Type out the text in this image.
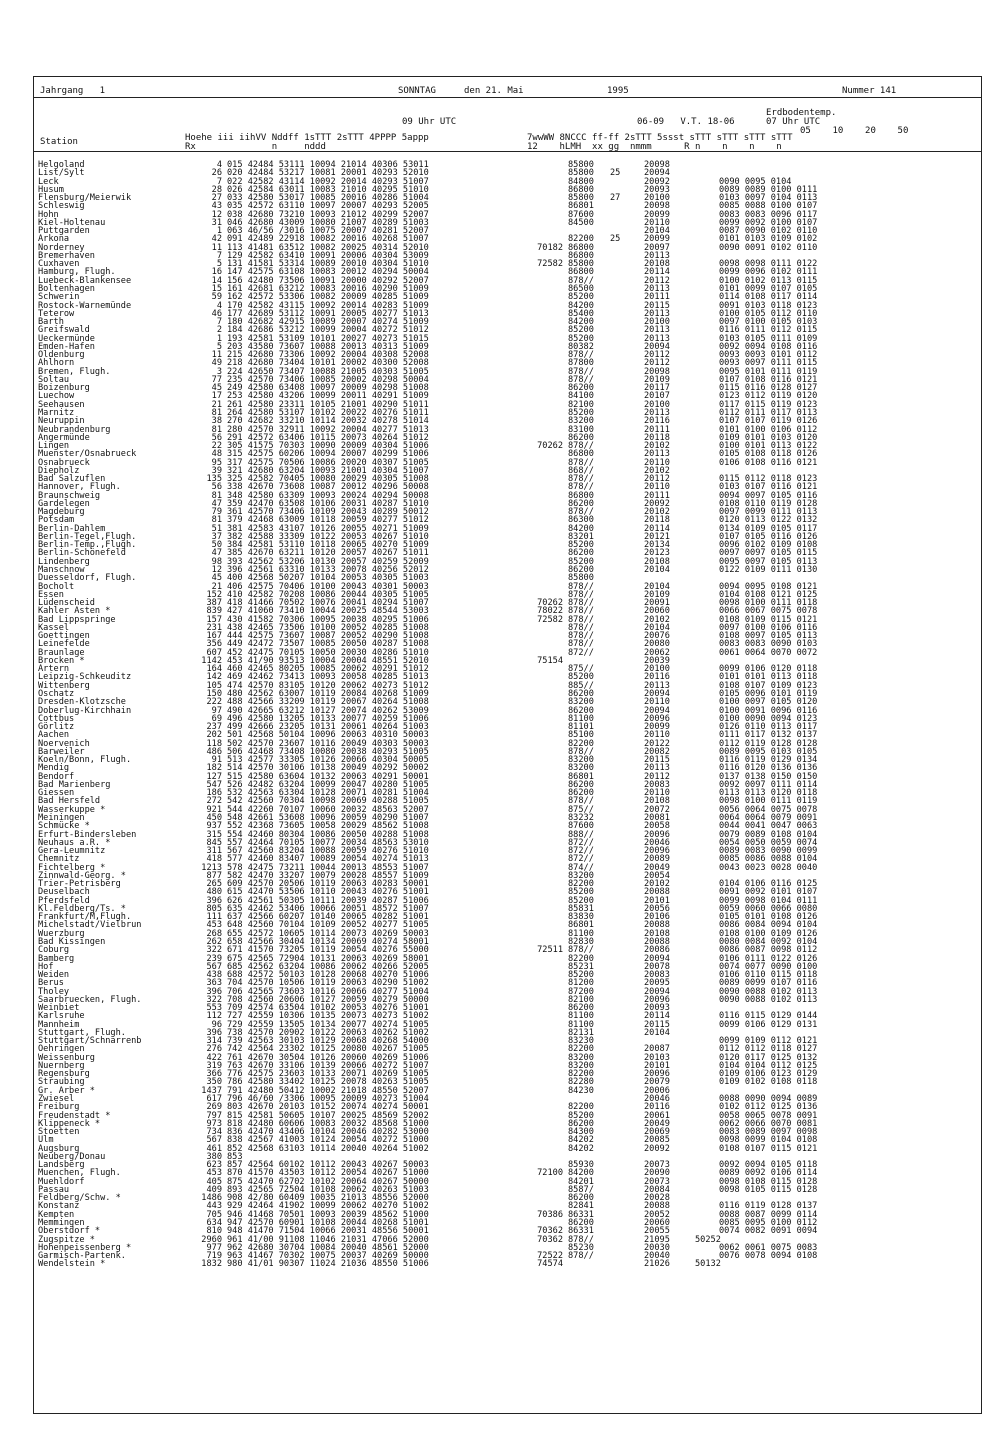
Jahrgang   1	SONNTAG	den 21. Mai	1995	Nummer 141
Erdbodentemp.
09 Uhr UTC	06-09   V.T. 18-06	07 Uhr UTC
05    10    20    50
Station	Hoehe iii iihVV Nddff 1sTTT 2sTTT 4PPPP 5appp
Rx              n     nddd
7wwWW 8NCCC ff-ff 2sTTT 5ssst sTTT sTTT sTTT sTTT
12    hLMH  xx gg  nmmm      R n    n    n    n
Helgoland	4 015 42484 53111 10094 21014 40306 53011	85800	20098
List/Sylt	26 020 42484 53217 10081 20001 40293 52010	85800 25	20094
Leck	7 022 42582 43114 10092 20014 40293 51007	84800	20092	0090 0095 0104
Husum	28 026 42584 63011 10083 21010 40295 51010	86800	20093	0089 0089 0100 0111
Flensburg/Meierwik	27 033 42580 53017 10085 20016 40286 51004	85800 27	20100	0103 0097 0104 0113
Schleswig	43 035 42572 63110 10097 20007 40293 52005	86801	20098	0085 0088 0100 0107
Hohn	12 038 42680 73210 10093 21012 40299 52007	87600	20099	0083 0083 0096 0117
Kiel-Holtenau	31 046 42680 43009 10080 21007 40289 51003	84500	20110	0099 0092 0100 0107
Puttgarden	1 063 46/56 /3016 10075 20007 40281 52007	20104	0087 0090 0102 0110
Arkona	42 091 42489 22918 10082 20016 40268 51007	82200 25	20099	0101 0103 0109 0102
Norderney	11 113 41481 63512 10082 20025 40314 52010	70182 86800	20097	0090 0091 0102 0110
Bremerhaven	7 129 42582 63410 10091 20006 40304 53009	86800	20113
Cuxhaven	5 131 41581 53314 10089 20010 40304 51010	72582 85800	20108	0098 0098 0111 0122
Hamburg, Flugh.	16 147 42575 63108 10083 20012 40294 50004	86800	20114	0099 0096 0102 0111
Luebeck-Blankensee	14 156 42480 73506 10091 20000 40292 52007	878//	20112	0100 0102 0113 0115
Boltenhagen	15 161 42681 63212 10083 20016 40290 51009	86500	20113	0101 0099 0107 0105
Schwerin	59 162 42572 53306 10082 20009 40285 51009	85200	20111	0114 0108 0117 0114
Rostock-Warnemünde	4 170 42582 43115 10092 20014 40283 51009	84200	20115	0091 0103 0118 0123
Teterow	46 177 42689 53112 10091 20005 40277 51013	85400	20113	0100 0105 0112 0110
Barth	7 180 42682 42915 10089 20007 40274 51009	84200	20100	0097 0100 0105 0103
Greifswald	2 184 42686 53212 10099 20004 40272 51012	85200	20113	0116 0111 0112 0115
Ueckermünde	1 193 42581 53109 10101 20027 40273 51015	85200	20113	0103 0105 0111 0109
Emden-Hafen	5 203 43580 73607 10088 20013 40313 51009	80382	20094	0092 0094 0108 0116
Oldenburg	11 215 42680 73306 10092 20004 40308 52008	878//	20112	0093 0093 0101 0112
Ahlhorn	49 218 42680 73404 10101 20002 40300 52008	87800	20112	0093 0097 0111 0115
Bremen, Flugh.	3 224 42650 73407 10088 21005 40303 51005	878//	20098	0095 0101 0111 0119
Soltau	77 235 42570 73406 10085 20002 40298 50004	878//	20109	0107 0108 0116 0121
Boizenburg	45 249 42580 63408 10097 20009 40298 51008	86200	20117	0115 0116 0128 0127
Luechow	17 253 42580 43206 10099 20011 40291 51009	84100	20107	0123 0112 0119 0120
Seehausen	21 261 42580 23311 10105 21001 40290 51011	82100	20100	0117 0115 0119 0123
Marnitz	81 264 42580 53107 10102 20022 40276 51011	85200	20113	0112 0111 0117 0113
Neuruppin	38 270 42682 33210 10114 20032 40278 51014	83200	20116	0107 0107 0119 0126
Neubrandenburg	81 280 42570 32911 10092 20004 40277 51013	83100	20111	0101 0100 0106 0112
Angermünde	56 291 42572 63406 10115 20073 40264 51012	86200	20118	0109 0101 0103 0120
Lingen	22 305 41575 70303 10090 20009 40304 51006	70262 878//	20102	0100 0101 0113 0122
Muenster/Osnabrueck	48 315 42575 60206 10094 20007 40299 51006	86800	20113	0105 0108 0118 0126
Osnabrueck	95 317 42575 70506 10086 20020 40307 51005	878//	20110	0106 0108 0116 0121
Diepholz	39 321 42680 63204 10093 21001 40304 51007	868//	20102
Bad Salzuflen	135 325 42582 70405 10080 20029 40305 51008	878//	20112	0115 0112 0118 0123
Hannover, Flugh.	56 338 42670 73608 10087 20012 40296 50008	878//	20110	0103 0107 0116 0121
Braunschweig	81 348 42580 63309 10093 20024 40294 50008	86800	20111	0094 0097 0105 0116
Gardelegen	47 359 42470 63508 10106 20031 40287 51010	86200	20092	0108 0110 0119 0128
Magdeburg	79 361 42570 73406 10109 20043 40289 50012	878//	20102	0097 0099 0111 0113
Potsdam	81 379 42468 63009 10118 20059 40277 51012	86300	20118	0120 0113 0122 0132
Berlin-Dahlem	51 381 42583 43107 10126 20055 40271 51009	84200	20114	0134 0109 0105 0117
Berlin-Tegel,Flugh.	37 382 42588 33309 10122 20053 40267 51010	83201	20121	0107 0105 0116 0126
Berlin-Temp.,Flugh.	50 384 42581 53110 10118 20065 40270 51009	85200	20134	0096 0102 0109 0108
Berlin-Schönefeld	47 385 42670 63211 10120 20057 40267 51011	86200	20123	0097 0097 0105 0115
Lindenberg	98 393 42562 53206 10130 20057 40259 52009	85200	20108	0095 0097 0105 0113
Manschnow	12 396 42561 63310 10133 20078 40256 52012	86200	20104	0122 0109 0111 0130
Duesseldorf, Flugh.	45 400 42568 50207 10104 20053 40305 51003	85800
Bocholt	21 406 42575 70406 10100 20043 40301 50003	878//	20104	0094 0095 0108 0121
Essen	152 410 42582 70208 10086 20044 40305 51005	878//	20109	0104 0108 0121 0125
Lüdenscheid	387 418 41466 70502 10076 20041 40294 51007	70262 878//	20091	0098 0100 0111 0118
Kahler Asten *	839 427 41060 73410 10044 20025 48544 53003	78022 878//	20060	0066 0067 0075 0078
Bad Lippspringe	157 430 41582 70306 10095 20038 40295 51006	72582 878//	20102	0108 0109 0115 0121
Kassel	231 438 42465 73506 10100 20052 40285 51008	878//	20104	0097 0100 0106 0116
Goettingen	167 444 42575 73607 10087 20052 40290 51008	878//	20076	0108 0097 0105 0113
Leinefelde	356 449 42472 73507 10085 20050 40287 51008	878//	20080	0083 0083 0090 0103
Braunlage	607 452 42475 70105 10050 20030 40286 51010	872//	20062	0061 0064 0070 0072
Brocken *	1142 453 41/90 93513 10004 20004 48551 52010	75154	20039
Artern	164 460 42465 80205 10085 20062 40291 51012	875//	20100	0099 0106 0120 0118
Leipzig-Schkeuditz	142 469 42462 73413 10093 20058 40285 51013	85200	20116	0101 0101 0113 0118
Wittenberg	105 474 42570 83105 10120 20062 40273 51012	885//	20113	0108 0107 0109 0123
Oschatz	150 480 42562 63007 10119 20084 40268 51009	86200	20094	0105 0096 0101 0119
Dresden-Klotzsche	222 488 42566 33209 10119 20067 40264 51008	83200	20110	0100 0097 0105 0120
Doberlug-Kirchhain	97 490 42665 63212 10127 20074 40262 53009	86200	20094	0100 0091 0096 0116
Cottbus	69 496 42580 13205 10133 20077 40259 51006	81100	20096	0100 0090 0094 0123
Görlitz	237 499 42666 23205 10131 20061 40264 51003	81101	20099	0126 0110 0113 0117
Aachen	202 501 42568 50104 10096 20063 40310 50003	85100	20110	0111 0117 0132 0137
Noervenich	118 502 42570 23607 10116 20049 40303 50003	82200	20122	0112 0119 0128 0128
Barweiler	486 506 42468 73408 10080 20038 40293 51005	878//	20082	0089 0095 0103 0105
Koeln/Bonn, Flugh.	91 513 42577 33305 10126 20066 40304 50005	83200	20115	0116 0119 0129 0134
Mendig	182 514 42570 30106 10138 20049 40292 50002	83200	20113	0116 0120 0136 0136
Bendorf	127 515 42580 63604 10132 20063 40291 50001	86801	20112	0137 0138 0150 0150
Bad Marienberg	547 526 42482 63204 10099 20047 40280 51005	86200	20083	0092 0097 0111 0114
Giessen	186 532 42563 63304 10128 20071 40281 51004	86200	20110	0113 0113 0120 0118
Bad Hersfeld	272 542 42560 70304 10098 20069 40288 51005	878//	20108	0098 0100 0111 0119
Wasserkuppe *	921 544 42260 70107 10060 20032 48563 52007	875//	20072	0056 0064 0075 0078
Meiningen	450 548 42661 53608 10096 20059 40290 51007	83232	20081	0064 0064 0079 0091
Schmücke *	937 552 42368 73605 10058 20029 48562 51008	87600	20058	0044 0041 0047 0063
Erfurt-Bindersleben	315 554 42460 80304 10086 20050 40288 51008	888//	20096	0079 0089 0108 0104
Neuhaus a.R. *	845 557 42464 70105 10077 20034 48563 53010	872//	20046	0054 0050 0059 0074
Gera-Leumnitz	311 567 42560 83204 10088 20059 40276 51010	872//	20096	0089 0083 0090 0099
Chemnitz	418 577 42460 83407 10089 20054 40274 51013	872//	20089	0085 0086 0088 0104
Fichtelberg *	1213 578 42475 73211 10044 20013 48553 51007	874//	20049	0043 0023 0028 0040
Zinnwald-Georg. *	877 582 42470 33207 10079 20028 48557 51009	83200	20054
Trier-Petrisberg	265 609 42570 20506 10119 20063 40283 50001	82200	20102	0104 0106 0116 0125
Deuselbach	480 615 42470 53506 10110 20043 40276 51001	85200	20088	0091 0092 0101 0107
Pferdsfeld	396 626 42561 50305 10111 20039 40287 51006	85200	20101	0099 0098 0104 0111
Kl.Feldberg/Ts. *	805 635 42462 53406 10066 20051 48572 51007	85831	20056	0059 0060 0066 0080
Frankfurt/M,Flugh.	111 637 42566 60207 10140 20065 40282 51001	83830	20106	0105 0101 0108 0126
Michelstadt/Vielbrun	453 648 42560 70104 10109 20052 40277 51005	86801	20088	0086 0084 0094 0104
Wuerzburg	268 655 42572 10605 10114 20073 40269 50003	81100	20108	0108 0100 0109 0126
Bad Kissingen	262 658 42566 30404 10134 20069 40274 58001	82830	20088	0080 0084 0092 0104
Coburg	322 671 41570 73205 10119 20054 40276 55000	72511 878//	20086	0086 0087 0098 0112
Bamberg	239 675 42565 72904 10131 20063 40269 58001	82200	20094	0106 0111 0122 0126
Hof	567 685 42562 63204 10086 20062 40266 52005	85231	20078	0074 0077 0090 0100
Weiden	438 688 42572 50103 10128 20068 40270 51006	85200	20083	0106 0110 0115 0118
Berus	363 704 42570 10506 10119 20063 40290 51002	81200	20095	0089 0099 0107 0116
Tholey	396 706 42565 73603 10116 20066 40277 51004	87200	20094	0090 0088 0102 0113
Saarbruecken, Flugh.	322 708 42560 20606 10127 20059 40279 50000	82100	20096	0090 0088 0102 0113
Weinbiet	553 709 42574 63504 10102 20053 40276 51001	86200	20093
Karlsruhe	112 727 42559 10306 10135 20073 40273 51002	81100	20114	0116 0115 0129 0144
Mannheim	96 729 42559 13505 10134 20077 40274 51005	81100	20115	0099 0106 0129 0131
Stuttgart, Flugh.	396 738 42570 20902 10122 20063 40262 51002	82131	20104
Stuttgart/Schnarrenb	314 739 42563 30103 10129 20068 40268 54000	83230	0099 0109 0112 0121
Oehringen	276 742 42564 23302 10125 20080 40267 51005	82200	20087	0112 0112 0118 0127
Weissenburg	422 761 42670 30504 10126 20060 40269 51006	83200	20103	0120 0117 0125 0132
Nuernberg	319 763 42670 33106 10139 20066 40272 51007	83200	20101	0104 0104 0112 0125
Regensburg	366 776 42575 23603 10133 20071 40269 51005	82200	20096	0109 0106 0123 0129
Straubing	350 786 42580 33402 10125 20078 40263 51005	82280	20079	0109 0102 0108 0118
Gr. Arber *	1437 791 42480 50412 10002 21018 48550 52007	84230	20006
Zwiesel	617 796 46/60 /3306 10095 20009 40273 51004	20046	0088 0090 0094 0089
Freiburg	269 803 42670 20103 10152 20074 40274 50001	82200	20116	0102 0112 0125 0136
Freudenstadt *	797 815 42581 50605 10107 20025 48569 52002	85200	20061	0058 0065 0078 0091
Klippeneck *	973 818 42480 60606 10083 20032 48568 51000	86200	20049	0062 0066 0070 0081
Stoetten	734 836 42470 43406 10104 20046 40282 53000	84300	20069	0083 0089 0097 0098
Ulm	567 838 42567 41003 10124 20054 40272 51000	84202	20085	0098 0099 0104 0108
Augsburg	461 852 42568 63103 10114 20040 40264 51002	84202	20092	0108 0107 0115 0121
Neuberg/Donau	380 853
Landsberg	623 857 42564 60102 10112 20043 40267 50003	85930	20073	0092 0094 0105 0118
Muenchen, Flugh.	453 870 41570 43503 10112 20054 40267 51000	72100 84200	20090	0089 0092 0106 0114
Muehldorf	405 875 42470 62702 10102 20064 40267 50000	84201	20073	0098 0108 0115 0128
Passau	409 893 42565 72504 10108 20062 40263 51003	8587/	20084	0098 0105 0115 0128
Feldberg/Schw. *	1486 908 42/80 60409 10035 21013 48556 52000	86200	20028
Konstanz	443 929 42464 41902 10099 20062 40270 51002	82841	20088	0116 0119 0128 0137
Kempten	705 946 41468 70501 10093 20039 48562 51000	70386 86331	20052	0088 0087 0099 0114
Memmingen	634 947 42570 60901 10108 20044 40268 51001	86200	20060	0085 0095 0100 0112
Oberstdorf *	810 948 41470 71504 10066 20031 48556 50001	70362 86331	20055	0074 0082 0091 0094
Zugspitze *	2960 961 41/00 91108 11046 21031 47066 52000	70362 878//	21095	50252
Hohenpeissenberg *	977 962 42680 30704 10084 20040 48561 52000	85230	20030	0062 0061 0075 0083
Garmisch-Partenk.	719 963 41467 70302 10075 20037 40269 50000	72522 878//	20040	0076 0078 0094 0108
Wendelstein *	1832 980 41/01 90307 11024 21036 48550 51006	74574	21026	50132
